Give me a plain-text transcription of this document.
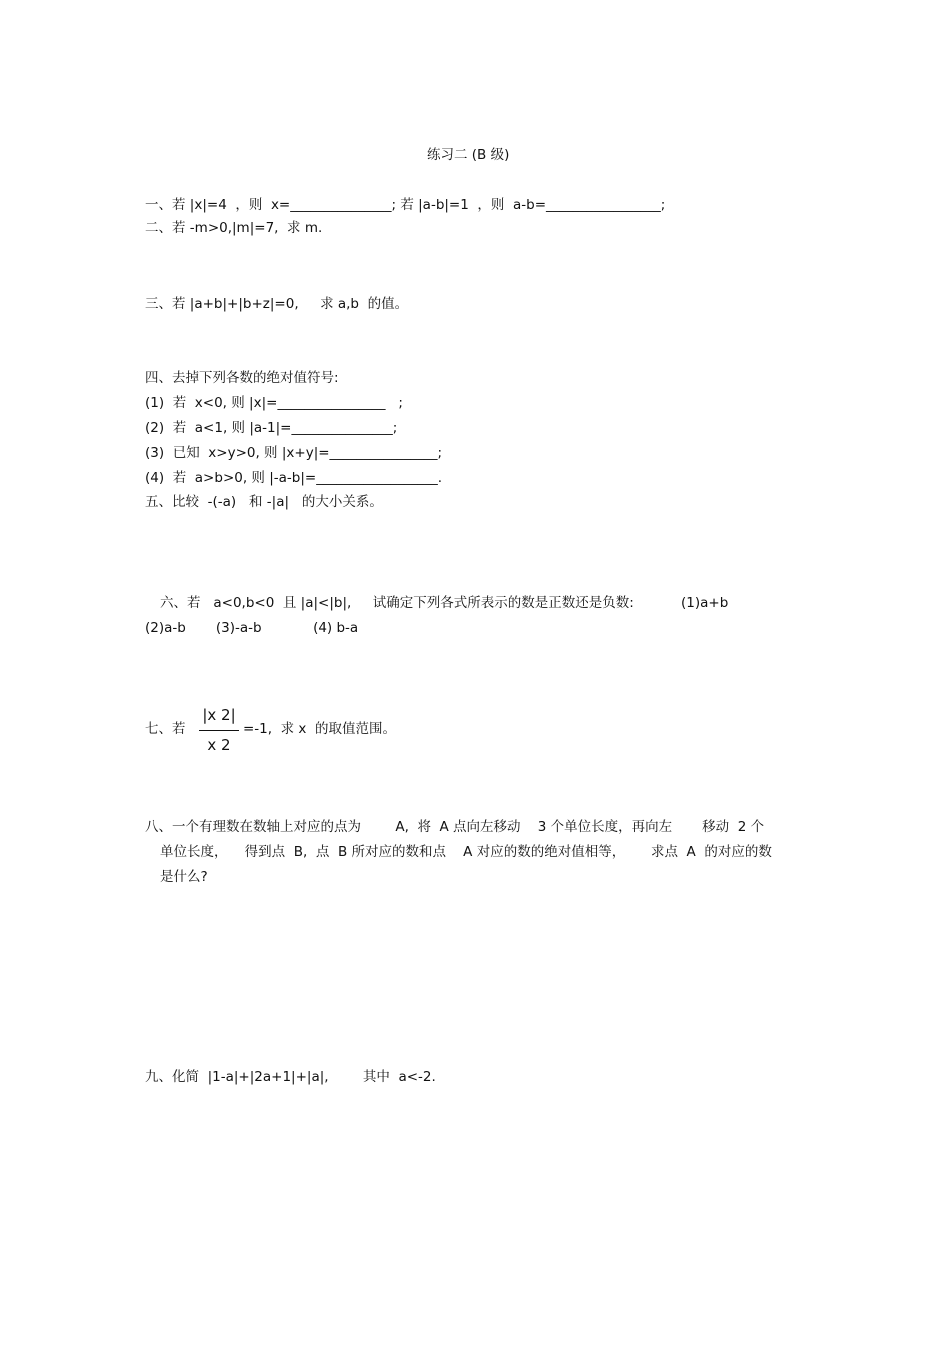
练习二 (B 级)
一、若 |x|=4  ，则  x=_______________; 若 |a-b|=1  ，则  a-b=_________________;
二、若 -m>0,|m|=7,  求 m.
三、若 |a+b|+|b+z|=0,     求 a,b  的值。
四、去掉下列各数的绝对值符号:
(1)  若  x<0, 则 |x|=________________   ;
(2)  若  a<1, 则 |a-1|=_______________;
(3)  已知  x>y>0, 则 |x+y|=________________;
(4)  若  a>b>0, 则 |-a-b|=__________________.
五、比较  -(-a)   和 -|a|   的大小关系。
六、若   a<0,b<0  且 |a|<|b|,     试确定下列各式所表示的数是正数还是负数:           (1)a+b
(2)a-b       (3)-a-b            (4) b-a
七、若
|x 2|
x 2
=-1,  求 x  的取值范围。
八、一个有理数在数轴上对应的点为        A,  将  A 点向左移动    3 个单位长度，再向左       移动  2 个
单位长度，    得到点  B,  点  B 所对应的数和点    A 对应的数的绝对值相等，      求点  A  的对应的数
是什么?
九、化简  |1-a|+|2a+1|+|a|,        其中  a<-2.
